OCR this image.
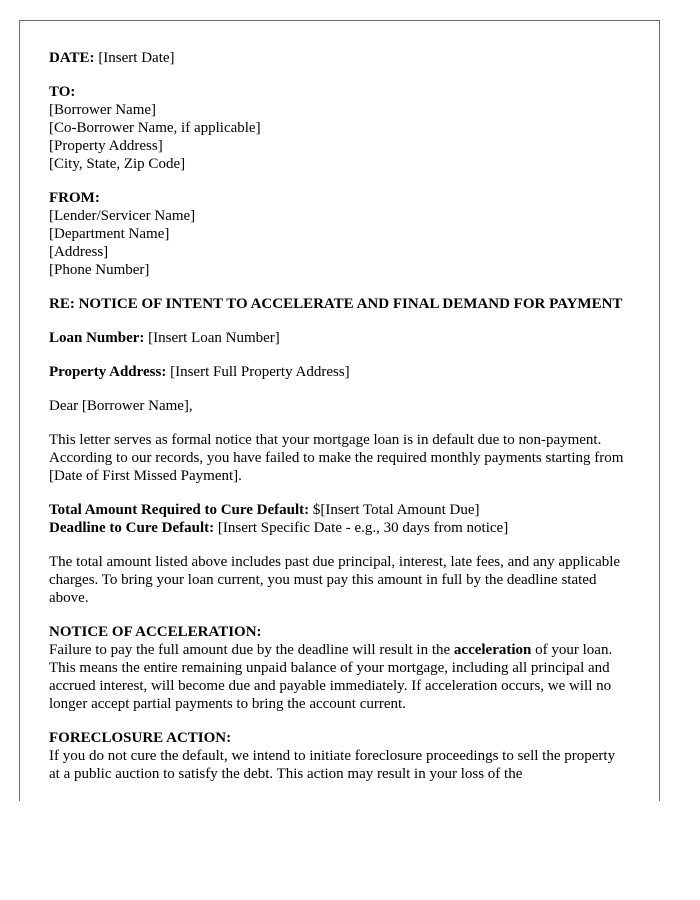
DATE: [Insert Date]
TO:
[Borrower Name]
[Co-Borrower Name, if applicable]
[Property Address]
[City, State, Zip Code]
FROM:
[Lender/Servicer Name]
[Department Name]
[Address]
[Phone Number]
RE: NOTICE OF INTENT TO ACCELERATE AND FINAL DEMAND FOR PAYMENT
Loan Number: [Insert Loan Number]
Property Address: [Insert Full Property Address]
Dear [Borrower Name],
This letter serves as formal notice that your mortgage loan is in default due to non-payment. According to our records, you have failed to make the required monthly payments starting from [Date of First Missed Payment].
Total Amount Required to Cure Default: $[Insert Total Amount Due]
Deadline to Cure Default: [Insert Specific Date - e.g., 30 days from notice]
The total amount listed above includes past due principal, interest, late fees, and any applicable charges. To bring your loan current, you must pay this amount in full by the deadline stated above.
NOTICE OF ACCELERATION:
Failure to pay the full amount due by the deadline will result in the acceleration of your loan. This means the entire remaining unpaid balance of your mortgage, including all principal and accrued interest, will become due and payable immediately. If acceleration occurs, we will no longer accept partial payments to bring the account current.
FORECLOSURE ACTION:
If you do not cure the default, we intend to initiate foreclosure proceedings to sell the property at a public auction to satisfy the debt. This action may result in your loss of the
